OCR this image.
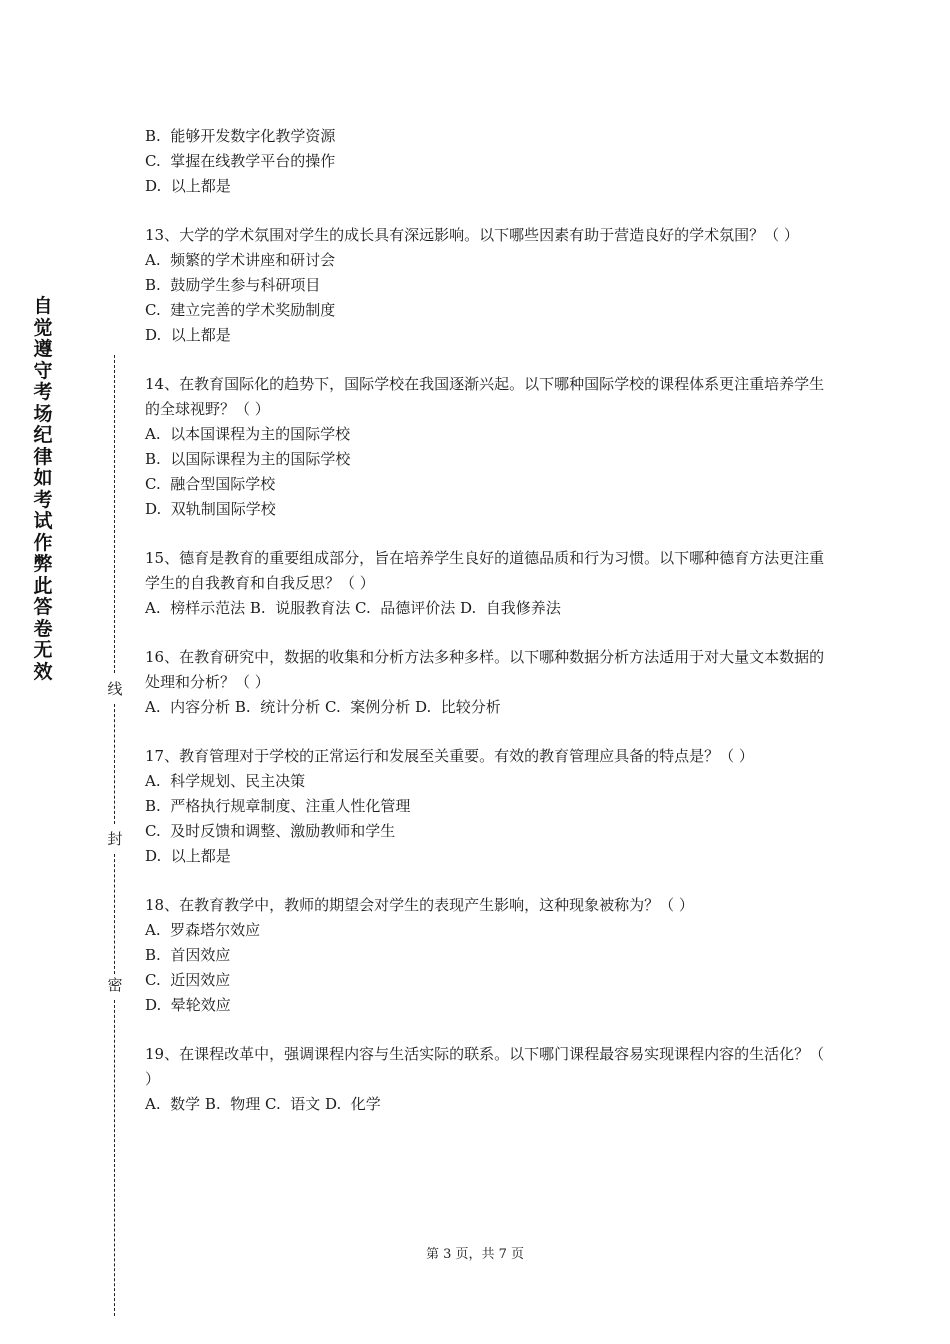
自觉遵守考场纪律如考试作弊此答卷无效
线
封
密

B.  能够开发数字化教学资源

C.  掌握在线教学平台的操作

D.  以上都是

13、大学的学术氛围对学生的成长具有深远影响。以下哪些因素有助于营造良好的学术氛围？（ ）

A.  频繁的学术讲座和研讨会

B.  鼓励学生参与科研项目

C.  建立完善的学术奖励制度

D.  以上都是

14、在教育国际化的趋势下，国际学校在我国逐渐兴起。以下哪种国际学校的课程体系更注重培养学生的全球视野？（ ）

A.  以本国课程为主的国际学校

B.  以国际课程为主的国际学校

C.  融合型国际学校

D.  双轨制国际学校

15、德育是教育的重要组成部分，旨在培养学生良好的道德品质和行为习惯。以下哪种德育方法更注重学生的自我教育和自我反思？（ ）

A.  榜样示范法 B.  说服教育法 C.  品德评价法 D.  自我修养法

16、在教育研究中，数据的收集和分析方法多种多样。以下哪种数据分析方法适用于对大量文本数据的处理和分析？（ ）

A.  内容分析 B.  统计分析 C.  案例分析 D.  比较分析

17、教育管理对于学校的正常运行和发展至关重要。有效的教育管理应具备的特点是？（ ）

A.  科学规划、民主决策

B.  严格执行规章制度、注重人性化管理

C.  及时反馈和调整、激励教师和学生

D.  以上都是

18、在教育教学中，教师的期望会对学生的表现产生影响，这种现象被称为？（ ）

A.  罗森塔尔效应

B.  首因效应

C.  近因效应

D.  晕轮效应

19、在课程改革中，强调课程内容与生活实际的联系。以下哪门课程最容易实现课程内容的生活化？（ ）

A.  数学 B.  物理 C.  语文 D.  化学

第 3 页，共 7 页
